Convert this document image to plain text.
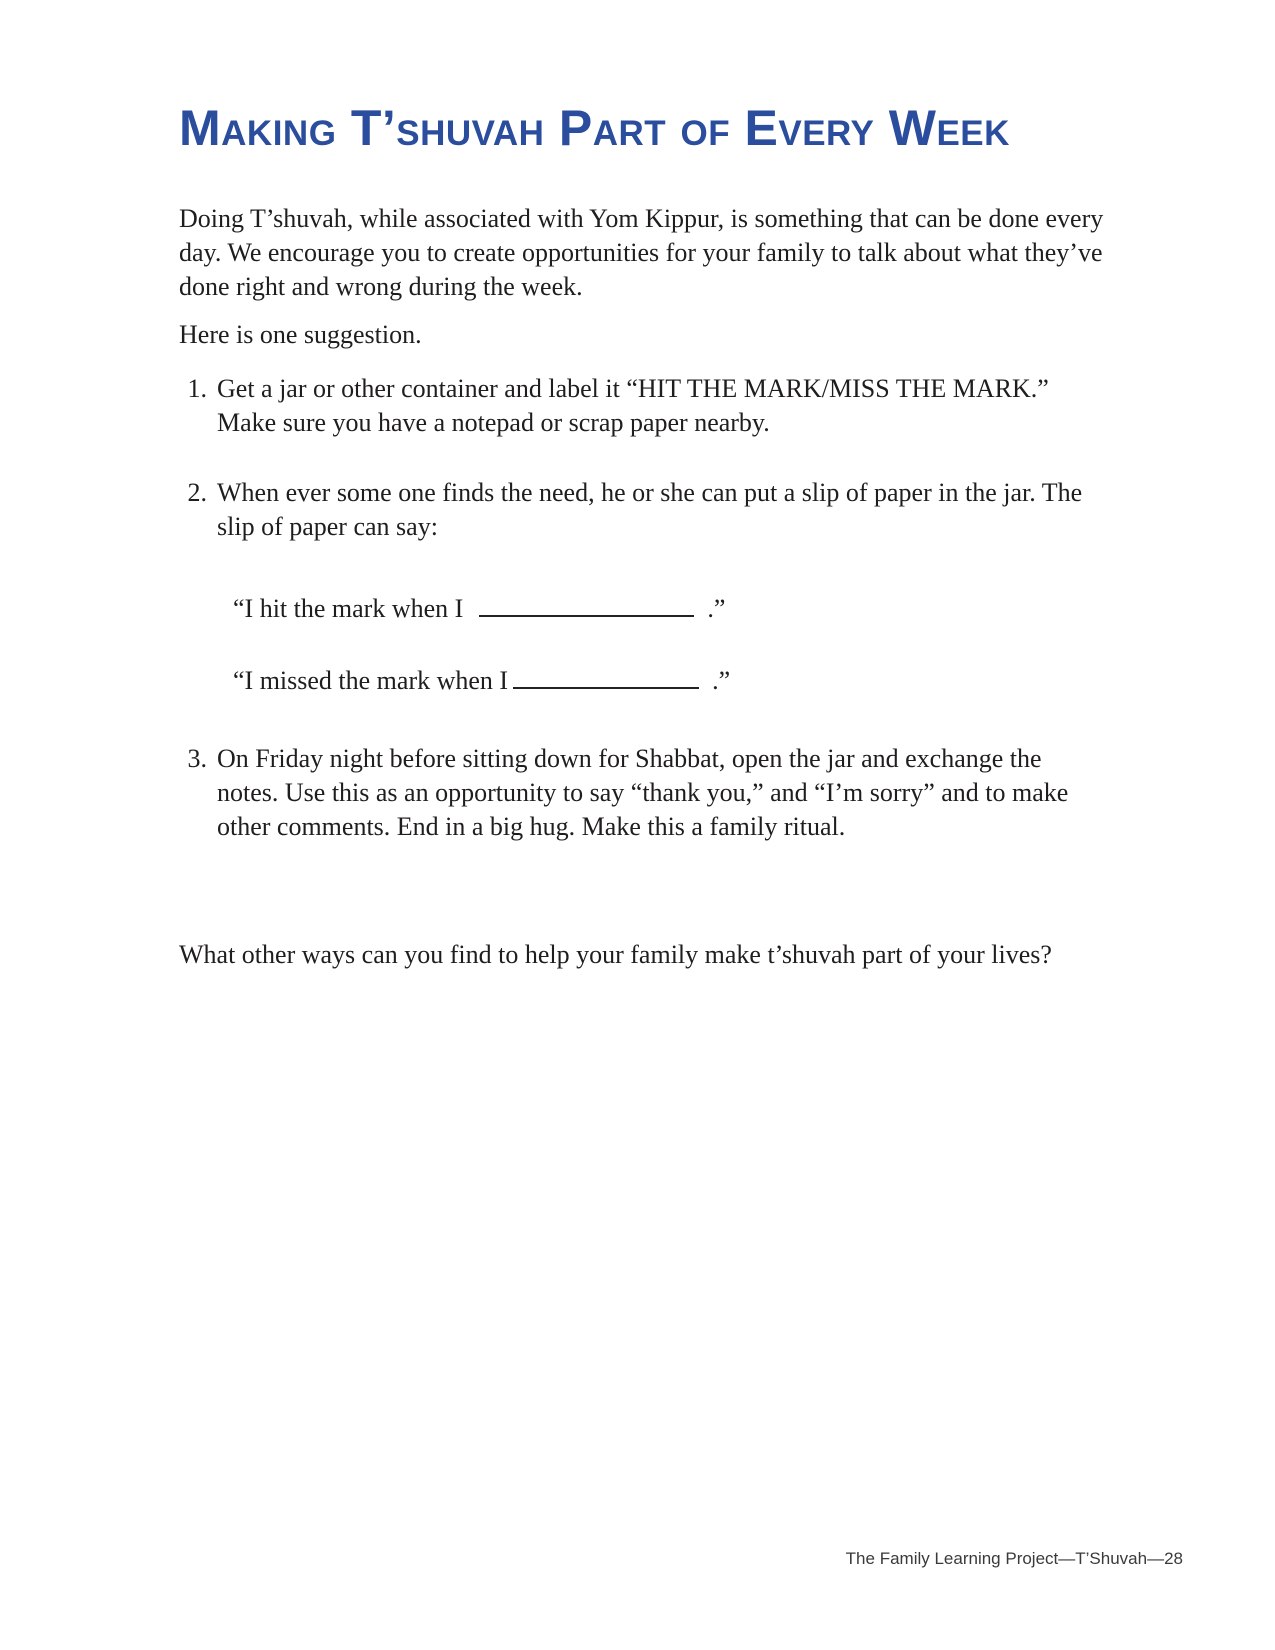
Making T’shuvah Part of Every Week

Doing T’shuvah, while associated with Yom Kippur, is something that can be done every day. We encourage you to create opportunities for your family to talk about what they’ve done right and wrong during the week.

Here is one suggestion.

1. Get a jar or other container and label it “HIT THE MARK/MISS THE MARK.” Make sure you have a notepad or scrap paper nearby.
2. When ever some one finds the need, he or she can put a slip of paper in the jar. The slip of paper can say:
“I hit the mark when I	.”
“I missed the mark when I	.”
3. On Friday night before sitting down for Shabbat, open the jar and exchange the notes. Use this as an opportunity to say “thank you,” and “I’m sorry” and to make other comments. End in a big hug. Make this a family ritual.

What other ways can you find to help your family make t’shuvah part of your lives?

The Family Learning Project—T’Shuvah—28
